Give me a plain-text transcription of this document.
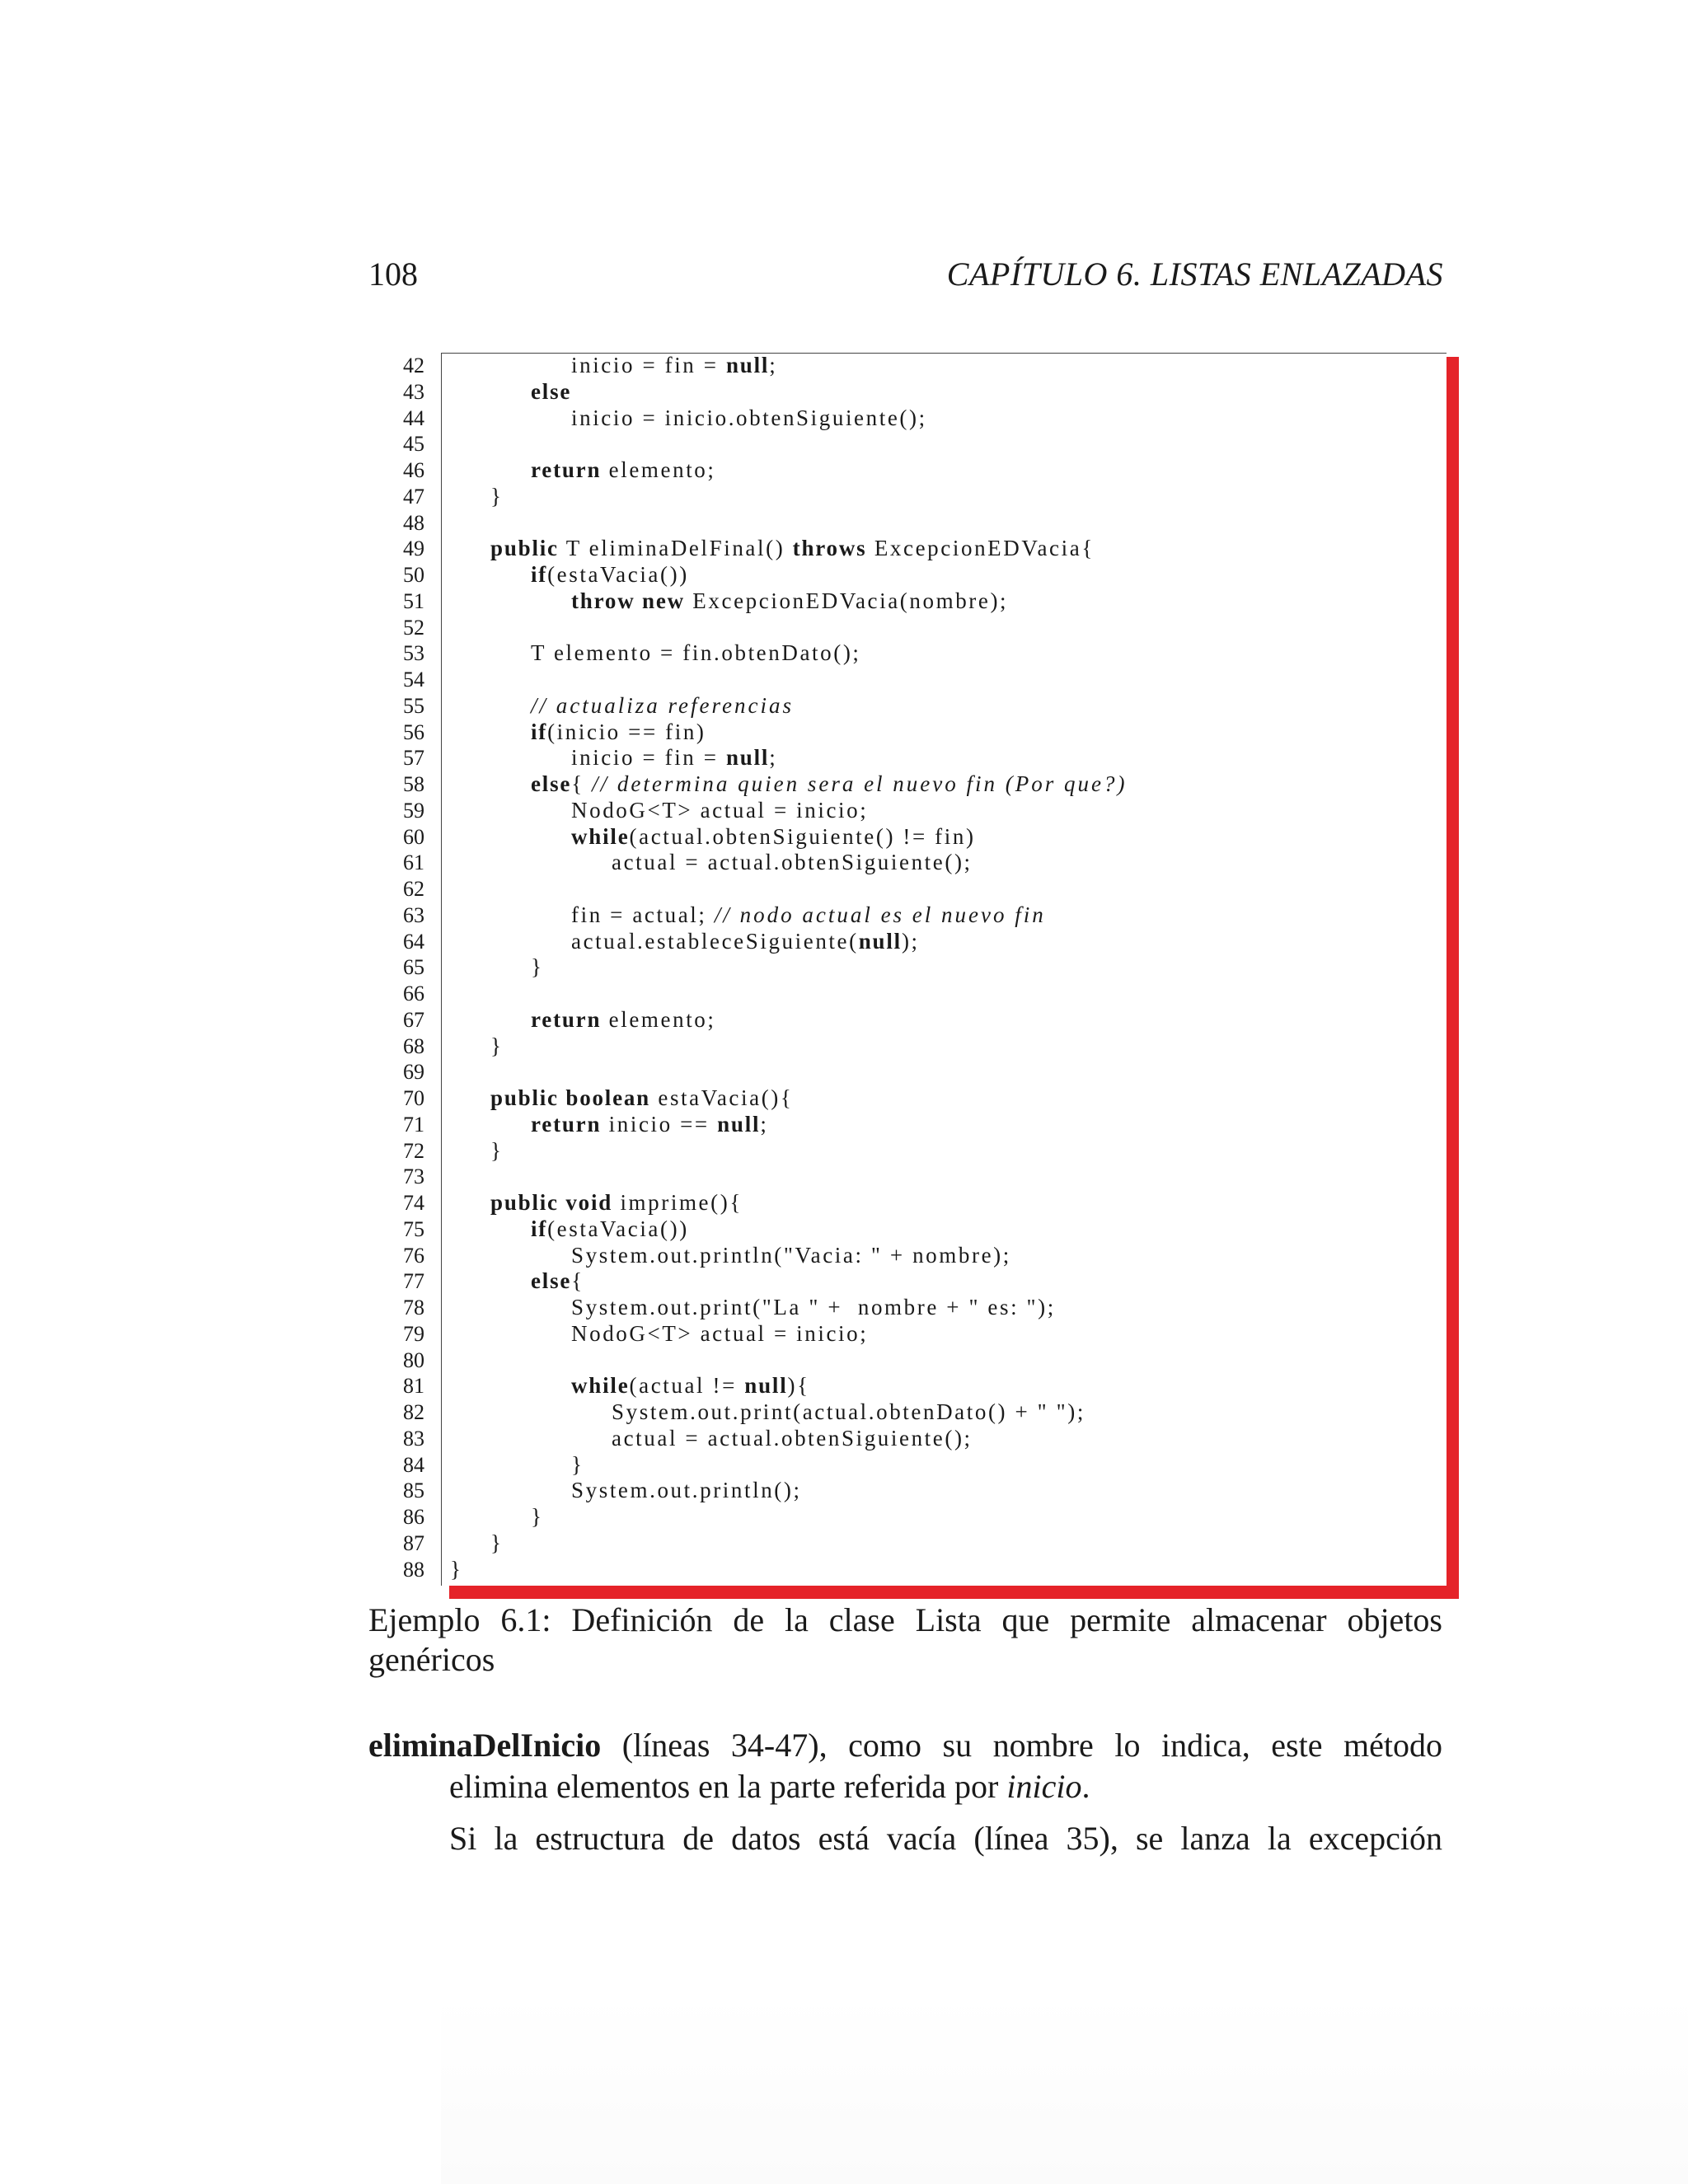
108	CAPÍTULO 6. LISTAS ENLAZADAS
42
43
44
45
46
47
48
49
50
51
52
53
54
55
56
57
58
59
60
61
62
63
64
65
66
67
68
69
70
71
72
73
74
75
76
77
78
79
80
81
82
83
84
85
86
87
88
inicio = fin = null;
else
inicio = inicio.obtenSiguiente();
return elemento;
}
public T eliminaDelFinal() throws ExcepcionEDVacia{
if(estaVacia())
throw new ExcepcionEDVacia(nombre);
T elemento = fin.obtenDato();
// actualiza referencias
if(inicio == fin)
inicio = fin = null;
else{ // determina quien sera el nuevo fin (Por que?)
NodoG<T> actual = inicio;
while(actual.obtenSiguiente() != fin)
actual = actual.obtenSiguiente();
fin = actual; // nodo actual es el nuevo fin
actual.estableceSiguiente(null);
}
return elemento;
}
public boolean estaVacia(){
return inicio == null;
}
public void imprime(){
if(estaVacia())
System.out.println("Vacia: " + nombre);
else{
System.out.print("La " +  nombre + " es: ");
NodoG<T> actual = inicio;
while(actual != null){
System.out.print(actual.obtenDato() + " ");
actual = actual.obtenSiguiente();
}
System.out.println();
}
}
}
Ejemplo 6.1: Definición de la clase Lista que permite almacenar objetos
genéricos
eliminaDelInicio (líneas 34-47), como su nombre lo indica, este método
elimina elementos en la parte referida por inicio.
Si la estructura de datos está vacía (línea 35), se lanza la excepción
